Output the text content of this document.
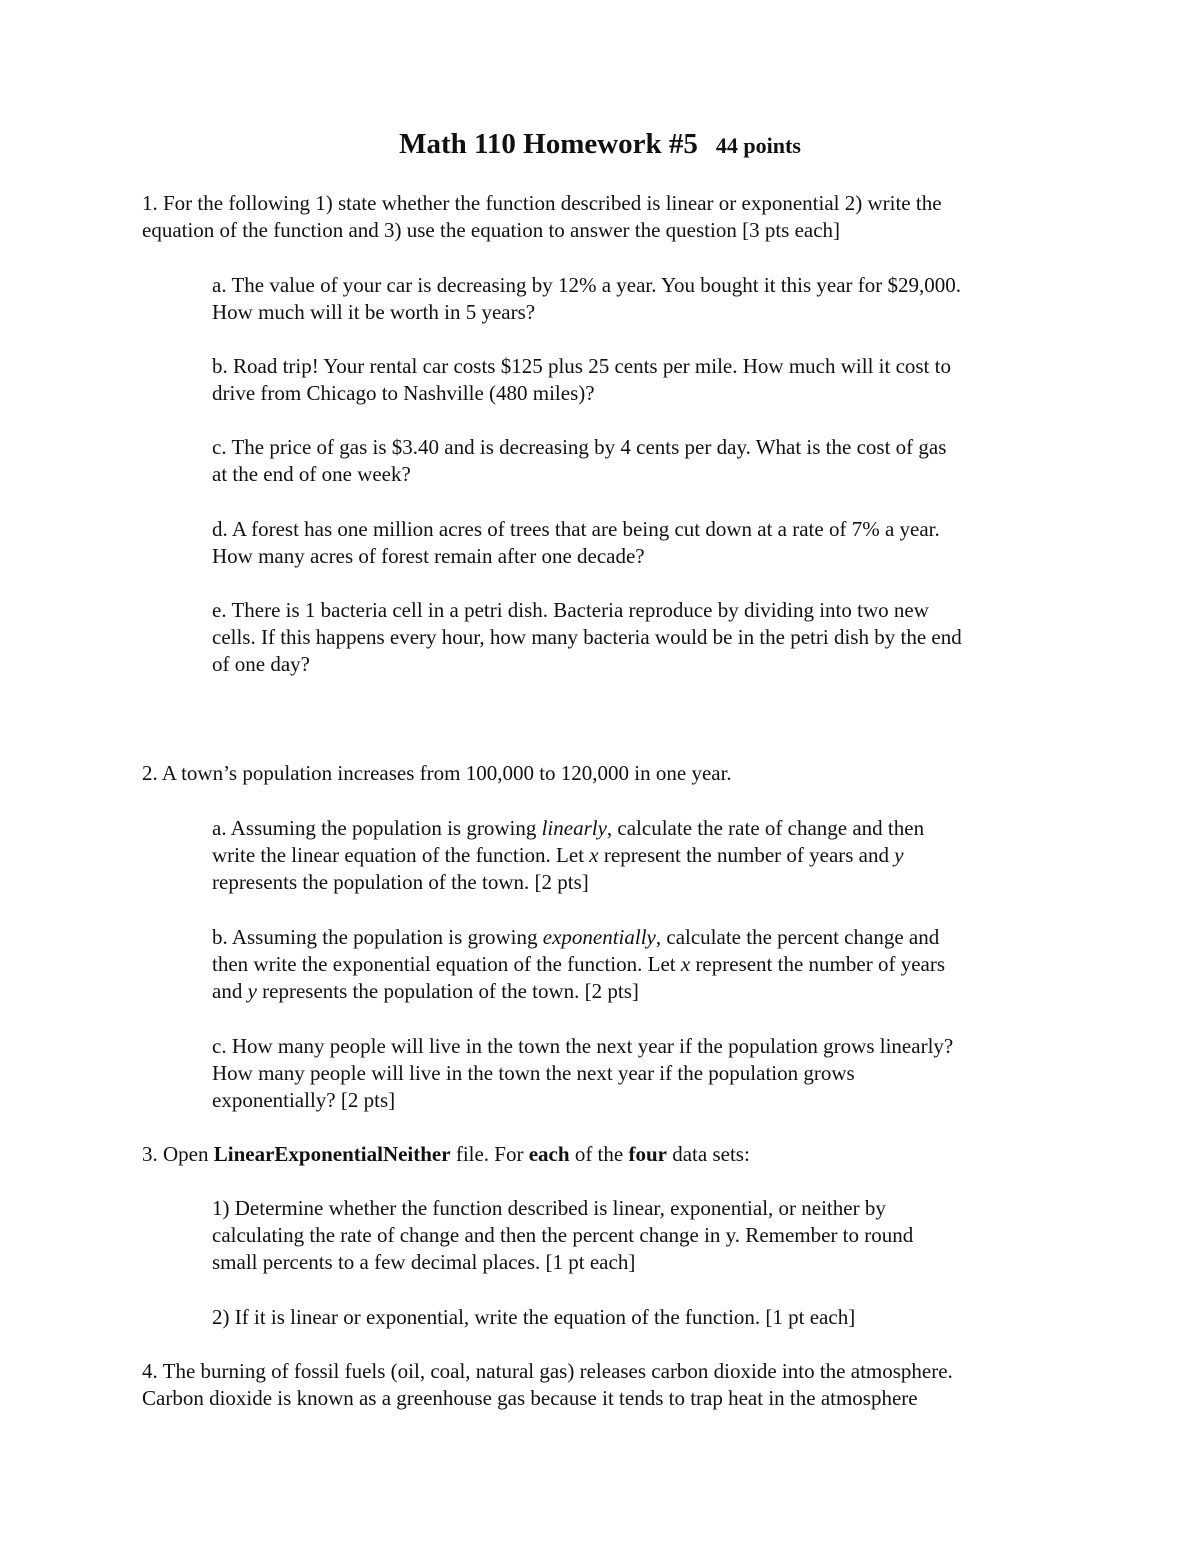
Math 110 Homework #5 44 points
1. For the following 1) state whether the function described is linear or exponential 2) write the
equation of the function and 3) use the equation to answer the question [3 pts each]
a. The value of your car is decreasing by 12% a year. You bought it this year for $29,000.
How much will it be worth in 5 years?
b. Road trip! Your rental car costs $125 plus 25 cents per mile. How much will it cost to
drive from Chicago to Nashville (480 miles)?
c. The price of gas is $3.40 and is decreasing by 4 cents per day. What is the cost of gas
at the end of one week?
d. A forest has one million acres of trees that are being cut down at a rate of 7% a year.
How many acres of forest remain after one decade?
e. There is 1 bacteria cell in a petri dish. Bacteria reproduce by dividing into two new
cells. If this happens every hour, how many bacteria would be in the petri dish by the end
of one day?
2. A town’s population increases from 100,000 to 120,000 in one year.
a. Assuming the population is growing linearly, calculate the rate of change and then
write the linear equation of the function. Let x represent the number of years and y
represents the population of the town. [2 pts]
b. Assuming the population is growing exponentially, calculate the percent change and
then write the exponential equation of the function. Let x represent the number of years
and y represents the population of the town. [2 pts]
c. How many people will live in the town the next year if the population grows linearly?
How many people will live in the town the next year if the population grows
exponentially? [2 pts]
3. Open LinearExponentialNeither file. For each of the four data sets:
1) Determine whether the function described is linear, exponential, or neither by
calculating the rate of change and then the percent change in y. Remember to round
small percents to a few decimal places. [1 pt each]
2) If it is linear or exponential, write the equation of the function. [1 pt each]
4. The burning of fossil fuels (oil, coal, natural gas) releases carbon dioxide into the atmosphere.
Carbon dioxide is known as a greenhouse gas because it tends to trap heat in the atmosphere
